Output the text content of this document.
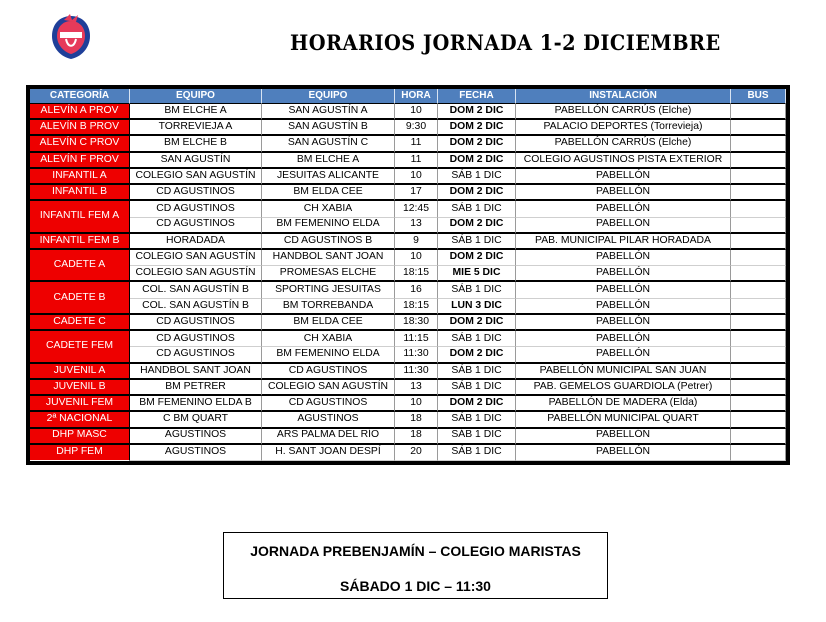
HORARIOS JORNADA 1-2 DICIEMBRE
CATEGORÍA	EQUIPO	EQUIPO	HORA	FECHA	INSTALACIÓN	BUS
ALEVÍN A PROV	BM ELCHE A	SAN AGUSTÍN A	10	DOM 2 DIC	PABELLÓN CARRÚS (Elche)
ALEVÍN B PROV	TORREVIEJA A	SAN AGUSTÍN B	9:30	DOM 2 DIC	PALACIO DEPORTES (Torrevieja)
ALEVÍN C PROV	BM ELCHE B	SAN AGUSTÍN C	11	DOM 2 DIC	PABELLÓN CARRÚS (Elche)
ALEVÍN F PROV	SAN AGUSTÍN	BM ELCHE A	11	DOM 2 DIC	COLEGIO AGUSTINOS PISTA EXTERIOR
INFANTIL A	COLEGIO SAN AGUSTÍN	JESUITAS ALICANTE	10	SÁB 1 DIC	PABELLÓN
INFANTIL B	CD AGUSTINOS	BM ELDA CEE	17	DOM 2 DIC	PABELLÓN
INFANTIL FEM A
CD AGUSTINOS	CH XABIA	12:45	SÁB 1 DIC	PABELLÓN
CD AGUSTINOS	BM FEMENINO ELDA	13	DOM 2 DIC	PABELLÓN
INFANTIL FEM B	HORADADA	CD AGUSTINOS B	9	SÁB 1 DIC	PAB. MUNICIPAL PILAR HORADADA
CADETE A
COLEGIO SAN AGUSTÍN	HANDBOL SANT JOAN	10	DOM 2 DIC	PABELLÓN
COLEGIO SAN AGUSTÍN	PROMESAS ELCHE	18:15	MIE 5 DIC	PABELLÓN
CADETE B
COL. SAN AGUSTÍN B	SPORTING JESUITAS	16	SÁB 1 DIC	PABELLÓN
COL. SAN AGUSTÍN B	BM TORREBANDA	18:15	LUN 3 DIC	PABELLÓN
CADETE C	CD AGUSTINOS	BM ELDA CEE	18:30	DOM 2 DIC	PABELLÓN
CADETE FEM
CD AGUSTINOS	CH XABIA	11:15	SÁB 1 DIC	PABELLÓN
CD AGUSTINOS	BM FEMENINO ELDA	11:30	DOM 2 DIC	PABELLÓN
JUVENIL A	HANDBOL SANT JOAN	CD AGUSTINOS	11:30	SÁB 1 DIC	PABELLÓN MUNICIPAL SAN JUAN
JUVENIL B	BM PETRER	COLEGIO SAN AGUSTÍN	13	SÁB 1 DIC	PAB. GEMELOS GUARDIOLA (Petrer)
JUVENIL FEM	BM FEMENINO ELDA B	CD AGUSTINOS	10	DOM 2 DIC	PABELLÓN DE MADERA (Elda)
2ª NACIONAL	C BM QUART	AGUSTINOS	18	SÁB 1 DIC	PABELLÓN MUNICIPAL QUART
DHP MASC	AGUSTINOS	ARS PALMA DEL RÍO	18	SÁB 1 DIC	PABELLÓN
DHP FEM	AGUSTINOS	H. SANT JOAN DESPÍ	20	SÁB 1 DIC	PABELLÓN
JORNADA PREBENJAMÍN – COLEGIO MARISTAS
SÁBADO 1 DIC – 11:30
